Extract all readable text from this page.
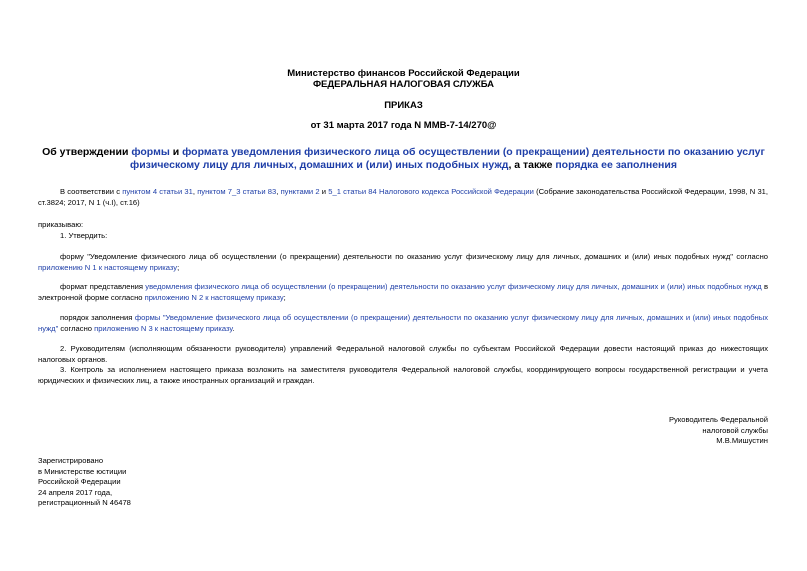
Министерство финансов Российской Федерации
ФЕДЕРАЛЬНАЯ НАЛОГОВАЯ СЛУЖБА
ПРИКАЗ
от 31 марта 2017 года N ММВ-7-14/270@
Об утверждении формы и формата уведомления физического лица об осуществлении (о прекращении) деятельности по оказанию услуг физическому лицу для личных, домашних и (или) иных подобных нужд, а также порядка ее заполнения
В соответствии с пунктом 4 статьи 31, пунктом 7_3 статьи 83, пунктами 2 и 5_1 статьи 84 Налогового кодекса Российской Федерации (Собрание законодательства Российской Федерации, 1998, N 31, ст.3824; 2017, N 1 (ч.I), ст.16)
приказываю:
1. Утвердить:
форму "Уведомление физического лица об осуществлении (о прекращении) деятельности по оказанию услуг физическому лицу для личных, домашних и (или) иных подобных нужд" согласно приложению N 1 к настоящему приказу;
формат представления уведомления физического лица об осуществлении (о прекращении) деятельности по оказанию услуг физическому лицу для личных, домашних и (или) иных подобных нужд в электронной форме согласно приложению N 2 к настоящему приказу;
порядок заполнения формы "Уведомление физического лица об осуществлении (о прекращении) деятельности по оказанию услуг физическому лицу для личных, домашних и (или) иных подобных нужд" согласно приложению N 3 к настоящему приказу.
2. Руководителям (исполняющим обязанности руководителя) управлений Федеральной налоговой службы по субъектам Российской Федерации довести настоящий приказ до нижестоящих налоговых органов.
3. Контроль за исполнением настоящего приказа возложить на заместителя руководителя Федеральной налоговой службы, координирующего вопросы государственной регистрации и учета юридических и физических лиц, а также иностранных организаций и граждан.
Руководитель Федеральной
налоговой службы
М.В.Мишустин
Зарегистрировано
в Министерстве юстиции
Российской Федерации
24 апреля 2017 года,
регистрационный N 46478
